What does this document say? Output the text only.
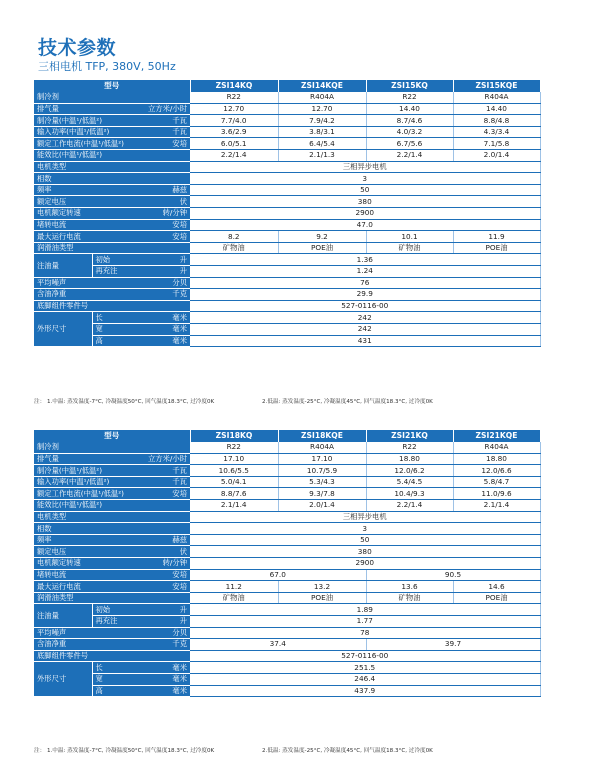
技术参数
三相电机 TFP, 380V, 50Hz
型号		ZSI14KQ	ZSI14KQE	ZSI15KQ	ZSI15KQE

制冷剂		R22	R404A	R22	R404A

排气量 立方米/小时		12.70	12.70	14.40	14.40

制冷量(中温¹/低温²) 千瓦		7.7/4.0	7.9/4.2	8.7/4.6	8.8/4.8

输入功率(中温¹/低温²) 千瓦		3.6/2.9	3.8/3.1	4.0/3.2	4.3/3.4

额定工作电流(中温¹/低温²) 安培		6.0/5.1	6.4/5.4	6.7/5.6	7.1/5.8

能效比(中温¹/低温²)		2.2/1.4	2.1/1.3	2.2/1.4	2.0/1.4

电机类型		三相异步电机			

相数		3			

频率 赫兹		50			

额定电压 伏		380			

电机额定转速 转/分钟		2900			

堵转电流 安培		47.0			

最大运行电流 安培		8.2	9.2	10.1	11.9

润滑油类型		矿物油	POE油	矿物油	POE油

注油量	初始 升	1.36			
	再充注 升	1.24			

平均噪声 分贝		76			

含油净重 千克		29.9			

底脚组件零件号		527-0116-00			

外形尺寸	长 毫米	242			
	宽 毫米	242			
	高 毫米	431			
型号		ZSI18KQ	ZSI18KQE	ZSI21KQ	ZSI21KQE

制冷剂		R22	R404A	R22	R404A

排气量 立方米/小时		17.10	17.10	18.80	18.80

制冷量(中温¹/低温²) 千瓦		10.6/5.5	10.7/5.9	12.0/6.2	12.0/6.6

输入功率(中温¹/低温²) 千瓦		5.0/4.1	5.3/4.3	5.4/4.5	5.8/4.7

额定工作电流(中温¹/低温²) 安培		8.8/7.6	9.3/7.8	10.4/9.3	11.0/9.6

能效比(中温¹/低温²)		2.1/1.4	2.0/1.4	2.2/1.4	2.1/1.4

电机类型		三相异步电机			

相数		3			

频率 赫兹		50			

额定电压 伏		380			

电机额定转速 转/分钟		2900			

堵转电流 安培		67.0		90.5	

最大运行电流 安培		11.2	13.2	13.6	14.6

润滑油类型		矿物油	POE油	矿物油	POE油

注油量	初始 升	1.89			
	再充注 升	1.77			

平均噪声 分贝		78			

含油净重 千克		37.4		39.7	

底脚组件零件号		527-0116-00			

外形尺寸	长 毫米	251.5			
	宽 毫米	246.4			
	高 毫米	437.9			
注： 1.中温: 蒸发温度-7°C, 冷凝温度50°C, 回气温度18.3°C, 过冷度0K	2.低温: 蒸发温度-25°C, 冷凝温度45°C, 回气温度18.3°C, 过冷度0K
注： 1.中温: 蒸发温度-7°C, 冷凝温度50°C, 回气温度18.3°C, 过冷度0K	2.低温: 蒸发温度-25°C, 冷凝温度45°C, 回气温度18.3°C, 过冷度0K
